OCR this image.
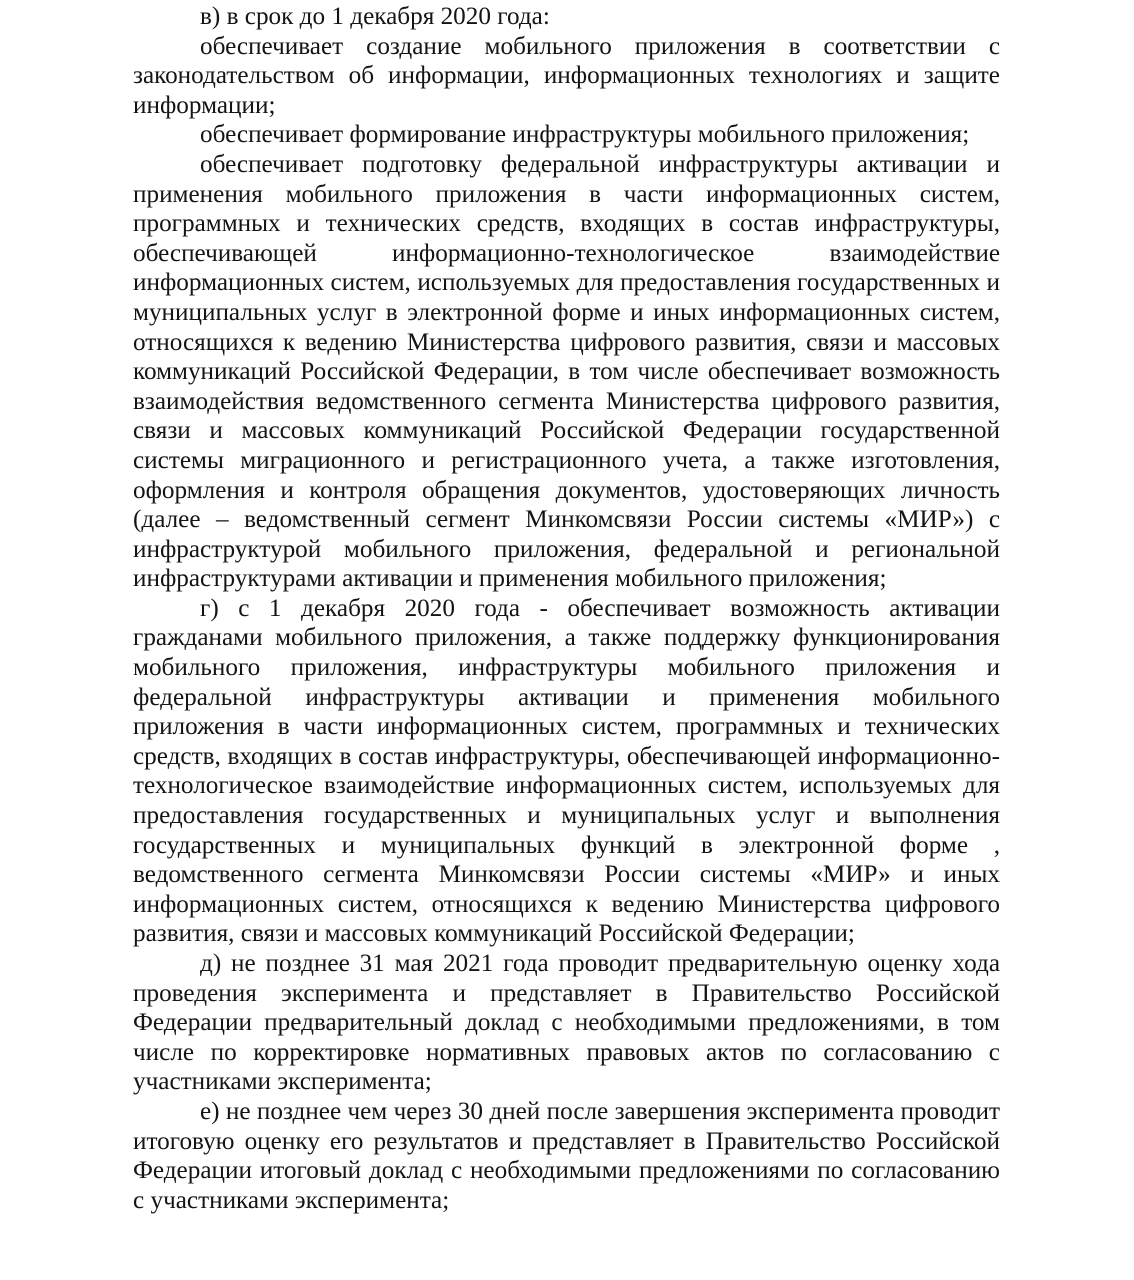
в) в срок до 1 декабря 2020 года:

обеспечивает создание мобильного приложения в соответствии с законодательством об информации, информационных технологиях и защите информации;

обеспечивает формирование инфраструктуры мобильного приложения;

обеспечивает подготовку федеральной инфраструктуры активации и применения мобильного приложения в части информационных систем, программных и технических средств, входящих в состав инфраструктуры, обеспечивающей информационно-технологическое взаимодействие информационных систем, используемых для предоставления государственных и муниципальных услуг в электронной форме и иных информационных систем, относящихся к ведению Министерства цифрового развития, связи и массовых коммуникаций Российской Федерации, в том числе обеспечивает возможность взаимодействия ведомственного сегмента Министерства цифрового развития, связи и массовых коммуникаций Российской Федерации государственной системы миграционного и регистрационного учета, а также изготовления, оформления и контроля обращения документов, удостоверяющих личность (далее – ведомственный сегмент Минкомсвязи России системы «МИР») с инфраструктурой мобильного приложения, федеральной и региональной инфраструктурами активации и применения мобильного приложения;

г) с 1 декабря 2020 года - обеспечивает возможность активации гражданами мобильного приложения, а также поддержку функционирования мобильного приложения, инфраструктуры мобильного приложения и федеральной инфраструктуры активации и применения мобильного приложения в части информационных систем, программных и технических средств, входящих в состав инфраструктуры, обеспечивающей информационно-технологическое взаимодействие информационных систем, используемых для предоставления государственных и муниципальных услуг и выполнения государственных и муниципальных функций в электронной форме , ведомственного сегмента Минкомсвязи России системы «МИР» и иных информационных систем, относящихся к ведению Министерства цифрового развития, связи и массовых коммуникаций Российской Федерации;

д) не позднее 31 мая 2021 года проводит предварительную оценку хода проведения эксперимента и представляет в Правительство Российской Федерации предварительный доклад с необходимыми предложениями, в том числе по корректировке нормативных правовых актов по согласованию с участниками эксперимента;

е) не позднее чем через 30 дней после завершения эксперимента проводит итоговую оценку его результатов и представляет в Правительство Российской Федерации итоговый доклад с необходимыми предложениями по согласованию с участниками эксперимента;
